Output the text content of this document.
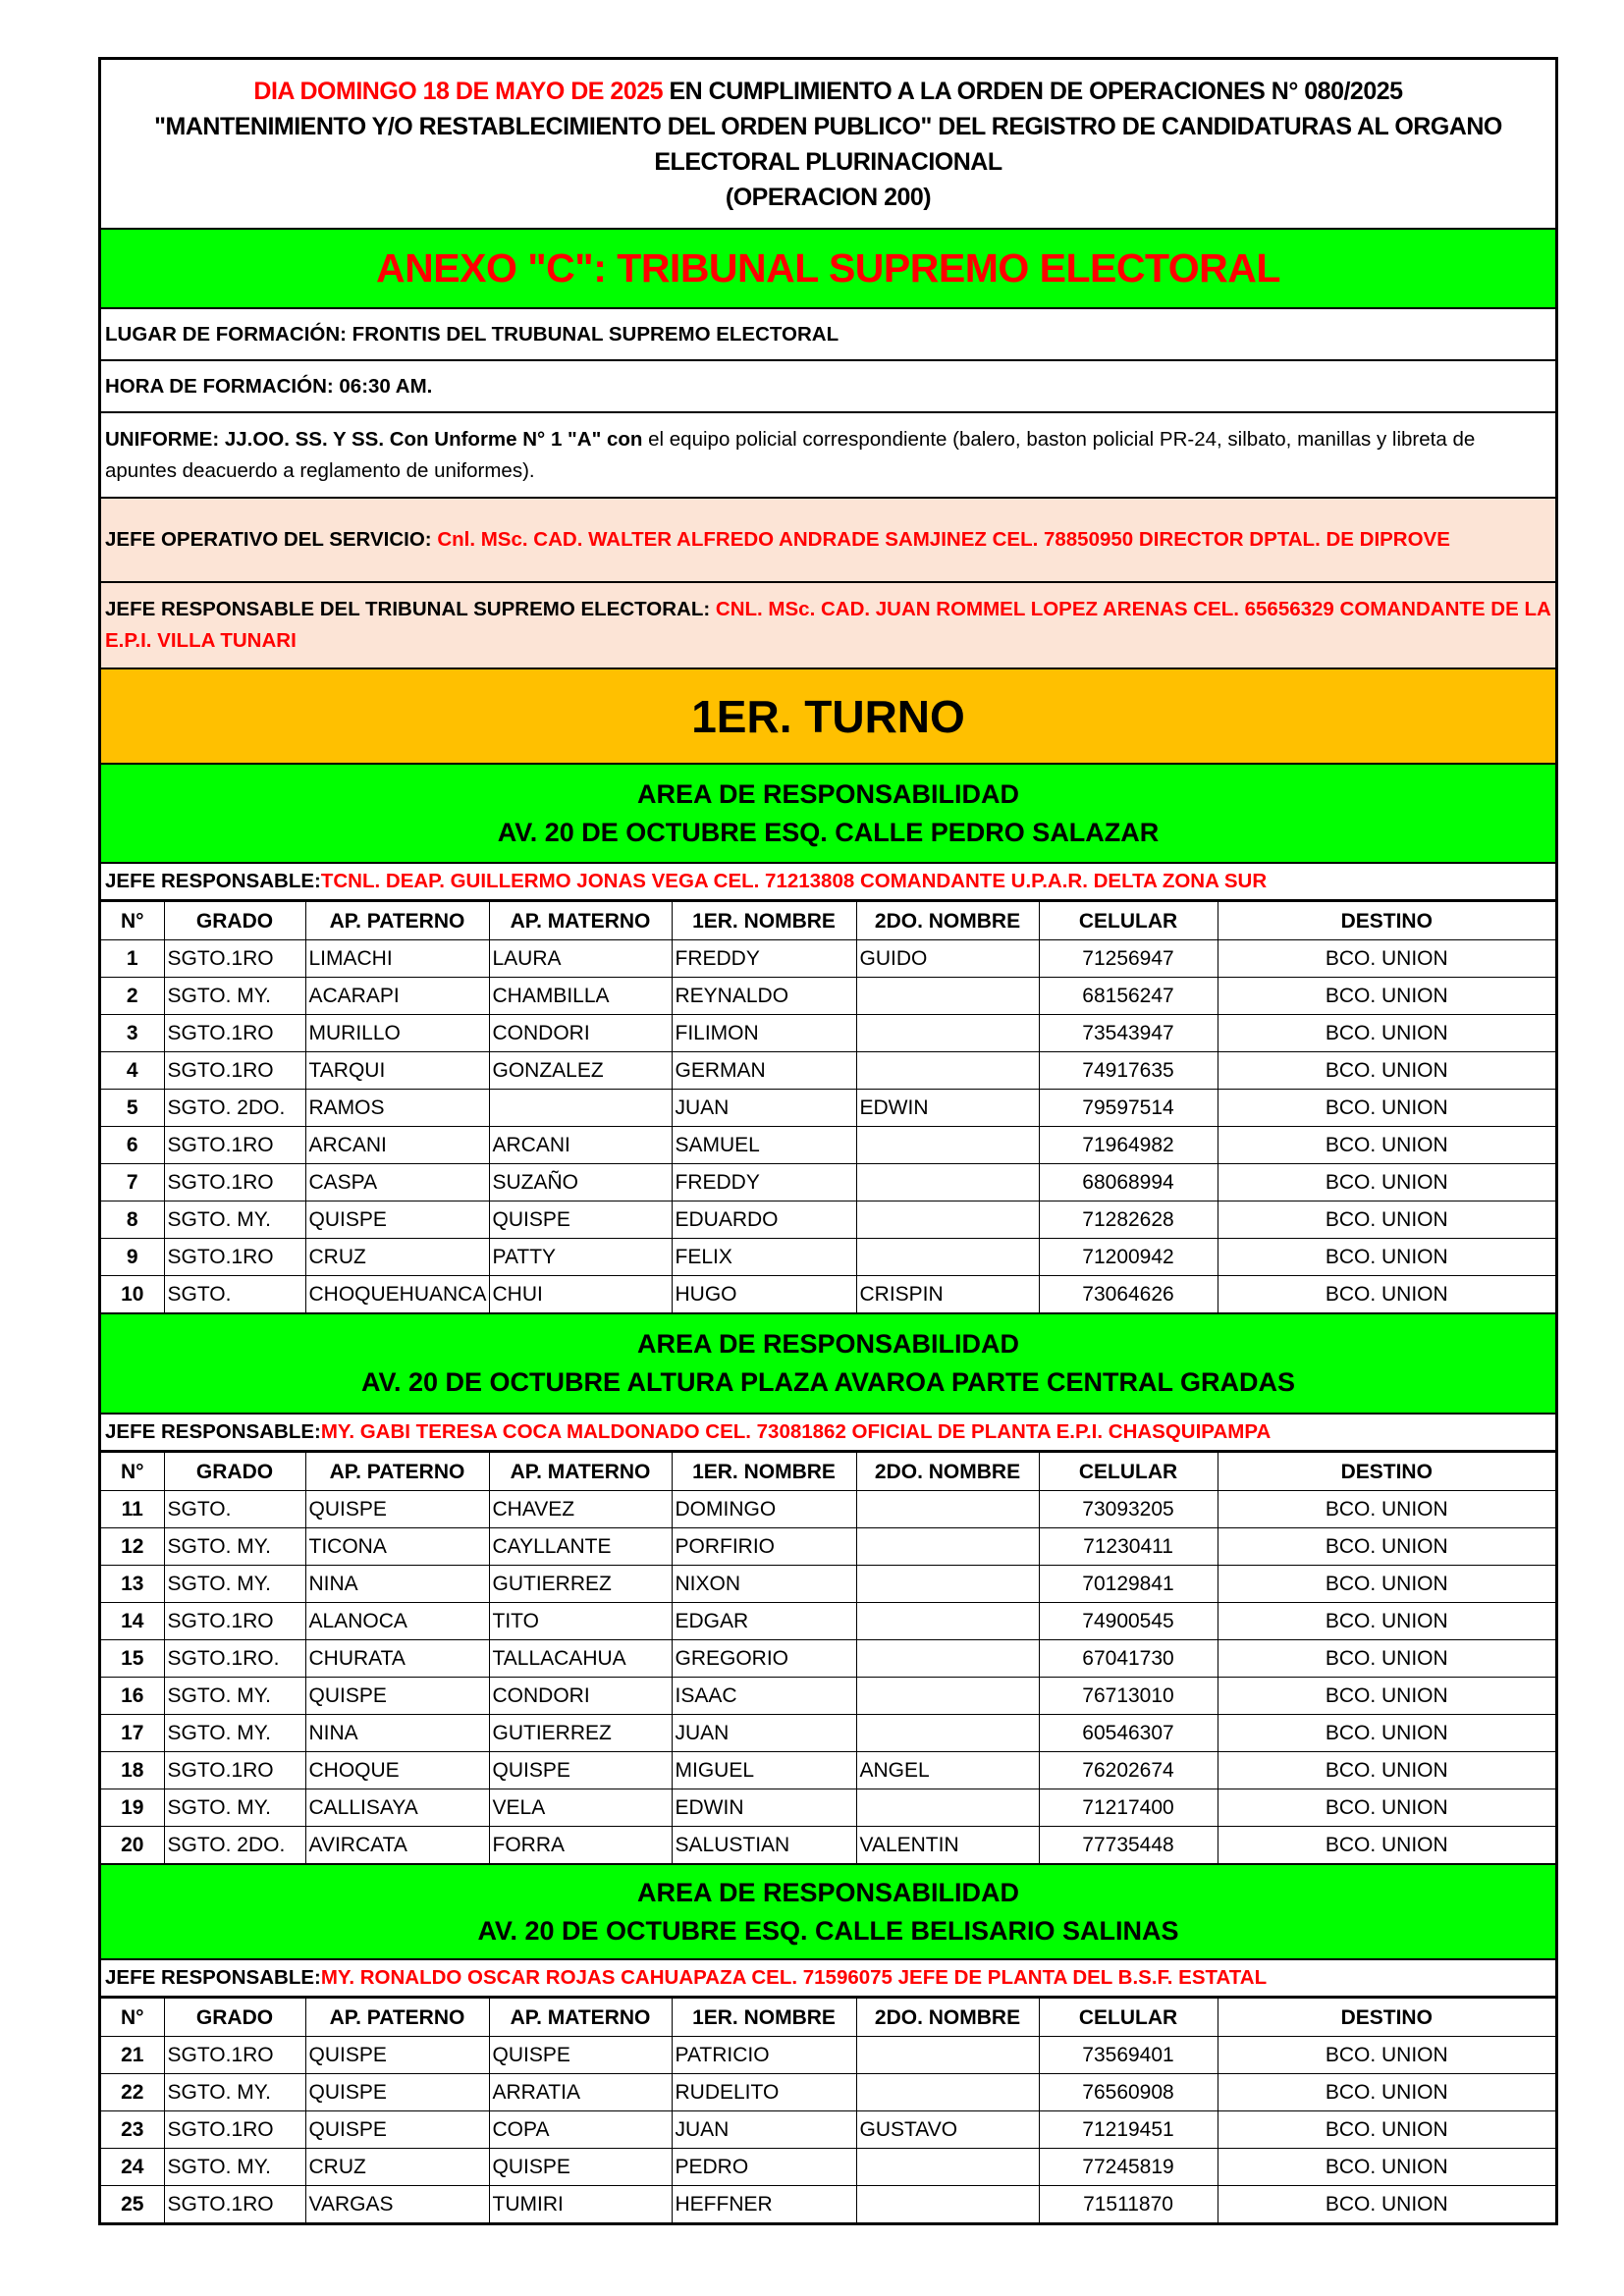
DIA DOMINGO 18 DE MAYO DE 2025 EN CUMPLIMIENTO A LA ORDEN DE OPERACIONES N° 080/2025
"MANTENIMIENTO Y/O RESTABLECIMIENTO DEL ORDEN PUBLICO" DEL REGISTRO DE CANDIDATURAS AL ORGANO
ELECTORAL PLURINACIONAL
(OPERACION 200)
ANEXO "C": TRIBUNAL SUPREMO ELECTORAL
LUGAR DE FORMACIÓN: FRONTIS DEL TRUBUNAL SUPREMO ELECTORAL
HORA DE FORMACIÓN: 06:30 AM.
UNIFORME: JJ.OO. SS. Y SS. Con Unforme N° 1 "A" con el equipo policial correspondiente (balero, baston policial PR-24, silbato, manillas y libreta de apuntes deacuerdo a reglamento de uniformes).
JEFE OPERATIVO DEL SERVICIO: Cnl. MSc. CAD. WALTER ALFREDO ANDRADE SAMJINEZ CEL. 78850950 DIRECTOR DPTAL. DE DIPROVE
JEFE RESPONSABLE DEL TRIBUNAL SUPREMO ELECTORAL: CNL. MSc. CAD. JUAN ROMMEL LOPEZ ARENAS CEL. 65656329 COMANDANTE DE LA E.P.I. VILLA TUNARI
1ER. TURNO
AREA DE RESPONSABILIDAD
AV. 20 DE OCTUBRE ESQ. CALLE PEDRO SALAZAR
JEFE RESPONSABLE: TCNL. DEAP. GUILLERMO JONAS VEGA CEL. 71213808 COMANDANTE U.P.A.R. DELTA ZONA SUR
N°	GRADO	AP. PATERNO	AP. MATERNO	1ER. NOMBRE	2DO. NOMBRE	CELULAR	DESTINO
1	SGTO.1RO	LIMACHI	LAURA	FREDDY	GUIDO	71256947	BCO. UNION
2	SGTO. MY.	ACARAPI	CHAMBILLA	REYNALDO		68156247	BCO. UNION
3	SGTO.1RO	MURILLO	CONDORI	FILIMON		73543947	BCO. UNION
4	SGTO.1RO	TARQUI	GONZALEZ	GERMAN		74917635	BCO. UNION
5	SGTO. 2DO.	RAMOS		JUAN	EDWIN	79597514	BCO. UNION
6	SGTO.1RO	ARCANI	ARCANI	SAMUEL		71964982	BCO. UNION
7	SGTO.1RO	CASPA	SUZAÑO	FREDDY		68068994	BCO. UNION
8	SGTO. MY.	QUISPE	QUISPE	EDUARDO		71282628	BCO. UNION
9	SGTO.1RO	CRUZ	PATTY	FELIX		71200942	BCO. UNION
10	SGTO.	CHOQUEHUANCA	CHUI	HUGO	CRISPIN	73064626	BCO. UNION
AREA DE RESPONSABILIDAD
AV. 20 DE OCTUBRE ALTURA PLAZA AVAROA PARTE CENTRAL GRADAS
JEFE RESPONSABLE: MY. GABI TERESA COCA MALDONADO CEL. 73081862 OFICIAL DE PLANTA E.P.I. CHASQUIPAMPA
N°	GRADO	AP. PATERNO	AP. MATERNO	1ER. NOMBRE	2DO. NOMBRE	CELULAR	DESTINO
11	SGTO.	QUISPE	CHAVEZ	DOMINGO		73093205	BCO. UNION
12	SGTO. MY.	TICONA	CAYLLANTE	PORFIRIO		71230411	BCO. UNION
13	SGTO. MY.	NINA	GUTIERREZ	NIXON		70129841	BCO. UNION
14	SGTO.1RO	ALANOCA	TITO	EDGAR		74900545	BCO. UNION
15	SGTO.1RO.	CHURATA	TALLACAHUA	GREGORIO		67041730	BCO. UNION
16	SGTO. MY.	QUISPE	CONDORI	ISAAC		76713010	BCO. UNION
17	SGTO. MY.	NINA	GUTIERREZ	JUAN		60546307	BCO. UNION
18	SGTO.1RO	CHOQUE	QUISPE	MIGUEL	ANGEL	76202674	BCO. UNION
19	SGTO. MY.	CALLISAYA	VELA	EDWIN		71217400	BCO. UNION
20	SGTO. 2DO.	AVIRCATA	FORRA	SALUSTIAN	VALENTIN	77735448	BCO. UNION
AREA DE RESPONSABILIDAD
AV. 20 DE OCTUBRE ESQ. CALLE BELISARIO SALINAS
JEFE RESPONSABLE: MY. RONALDO OSCAR ROJAS CAHUAPAZA CEL. 71596075 JEFE DE PLANTA DEL B.S.F. ESTATAL
N°	GRADO	AP. PATERNO	AP. MATERNO	1ER. NOMBRE	2DO. NOMBRE	CELULAR	DESTINO
21	SGTO.1RO	QUISPE	QUISPE	PATRICIO		73569401	BCO. UNION
22	SGTO. MY.	QUISPE	ARRATIA	RUDELITO		76560908	BCO. UNION
23	SGTO.1RO	QUISPE	COPA	JUAN	GUSTAVO	71219451	BCO. UNION
24	SGTO. MY.	CRUZ	QUISPE	PEDRO		77245819	BCO. UNION
25	SGTO.1RO	VARGAS	TUMIRI	HEFFNER		71511870	BCO. UNION
